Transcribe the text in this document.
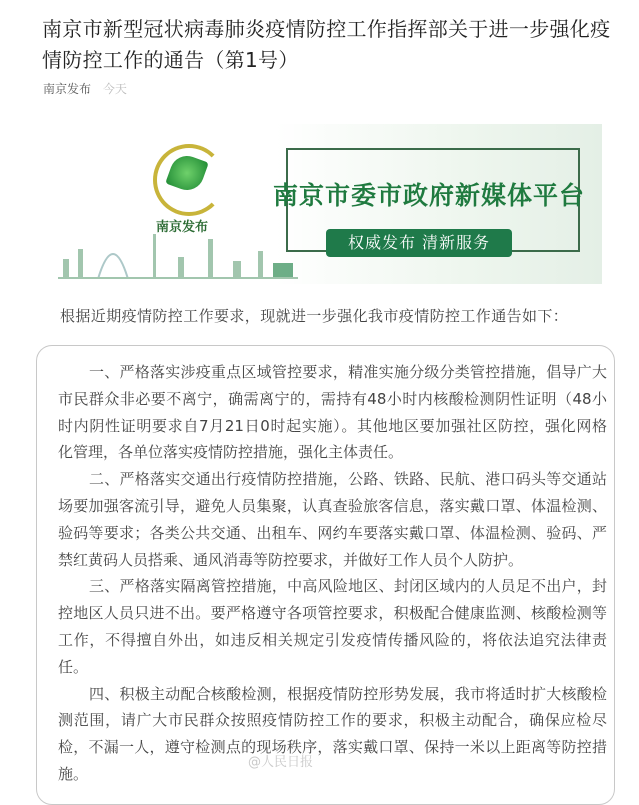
南京市新型冠状病毒肺炎疫情防控工作指挥部关于进一步强化疫情防控工作的通告（第1号）
南京发布 今天
南京发布
南京市委市政府新媒体平台
权威发布 清新服务
根据近期疫情防控工作要求，现就进一步强化我市疫情防控工作通告如下：
一、严格落实涉疫重点区域管控要求，精准实施分级分类管控措施，倡导广大
市民群众非必要不离宁，确需离宁的，需持有48小时内核酸检测阴性证明（48小
时内阴性证明要求自7月21日0时起实施）。其他地区要加强社区防控，强化网格
化管理，各单位落实疫情防控措施，强化主体责任。
二、严格落实交通出行疫情防控措施，公路、铁路、民航、港口码头等交通站
场要加强客流引导，避免人员集聚，认真查验旅客信息，落实戴口罩、体温检测、
验码等要求；各类公共交通、出租车、网约车要落实戴口罩、体温检测、验码、严
禁红黄码人员搭乘、通风消毒等防控要求，并做好工作人员个人防护。
三、严格落实隔离管控措施，中高风险地区、封闭区域内的人员足不出户，封
控地区人员只进不出。要严格遵守各项管控要求，积极配合健康监测、核酸检测等
工作，不得擅自外出，如违反相关规定引发疫情传播风险的，将依法追究法律责
任。
四、积极主动配合核酸检测，根据疫情防控形势发展，我市将适时扩大核酸检
测范围，请广大市民群众按照疫情防控工作的要求，积极主动配合，确保应检尽
检，不漏一人，遵守检测点的现场秩序，落实戴口罩、保持一米以上距离等防控措
施。
@人民日报
